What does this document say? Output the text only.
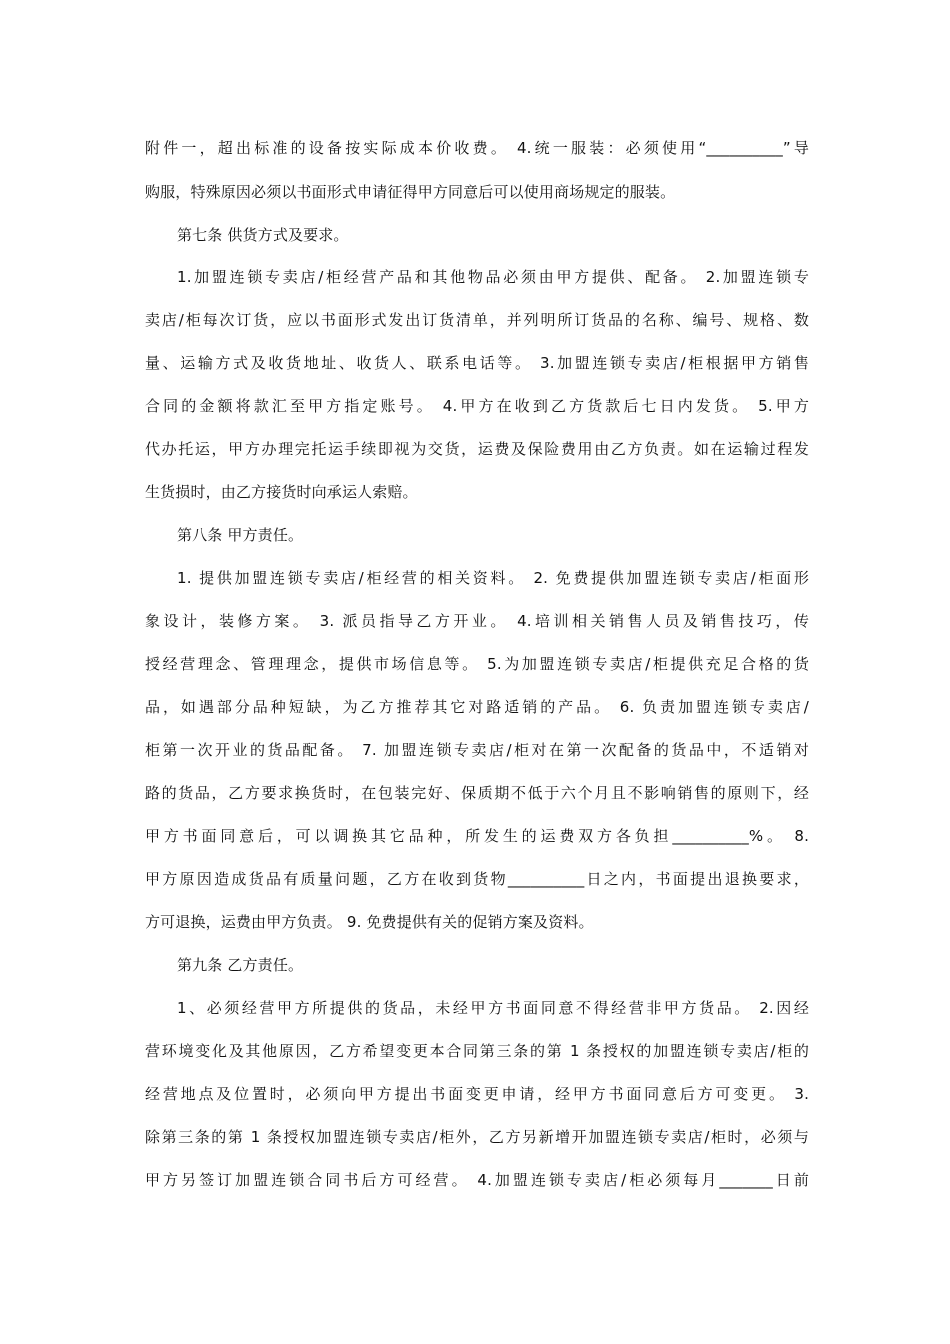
附件一，超出标准的设备按实际成本价收费。 4.统一服装：必须使用“__________”导
购服，特殊原因必须以书面形式申请征得甲方同意后可以使用商场规定的服装。
第七条 供货方式及要求。
1.加盟连锁专卖店/柜经营产品和其他物品必须由甲方提供、配备。 2.加盟连锁专
卖店/柜每次订货，应以书面形式发出订货清单，并列明所订货品的名称、编号、规格、数
量、运输方式及收货地址、收货人、联系电话等。 3.加盟连锁专卖店/柜根据甲方销售
合同的金额将款汇至甲方指定账号。 4.甲方在收到乙方货款后七日内发货。 5.甲方
代办托运，甲方办理完托运手续即视为交货，运费及保险费用由乙方负责。如在运输过程发
生货损时，由乙方接货时向承运人索赔。
第八条 甲方责任。
1. 提供加盟连锁专卖店/柜经营的相关资料。 2. 免费提供加盟连锁专卖店/柜面形
象设计，装修方案。 3. 派员指导乙方开业。 4.培训相关销售人员及销售技巧，传
授经营理念、管理理念，提供市场信息等。 5.为加盟连锁专卖店/柜提供充足合格的货
品，如遇部分品种短缺，为乙方推荐其它对路适销的产品。 6. 负责加盟连锁专卖店/
柜第一次开业的货品配备。 7. 加盟连锁专卖店/柜对在第一次配备的货品中，不适销对
路的货品，乙方要求换货时，在包装完好、保质期不低于六个月且不影响销售的原则下，经
甲方书面同意后，可以调换其它品种，所发生的运费双方各负担__________%。 8.
甲方原因造成货品有质量问题，乙方在收到货物__________日之内，书面提出退换要求，
方可退换，运费由甲方负责。 9. 免费提供有关的促销方案及资料。
第九条 乙方责任。
1、必须经营甲方所提供的货品，未经甲方书面同意不得经营非甲方货品。 2.因经
营环境变化及其他原因，乙方希望变更本合同第三条的第 1 条授权的加盟连锁专卖店/柜的
经营地点及位置时，必须向甲方提出书面变更申请，经甲方书面同意后方可变更。 3.
除第三条的第 1 条授权加盟连锁专卖店/柜外，乙方另新增开加盟连锁专卖店/柜时，必须与
甲方另签订加盟连锁合同书后方可经营。 4.加盟连锁专卖店/柜必须每月_______日前
